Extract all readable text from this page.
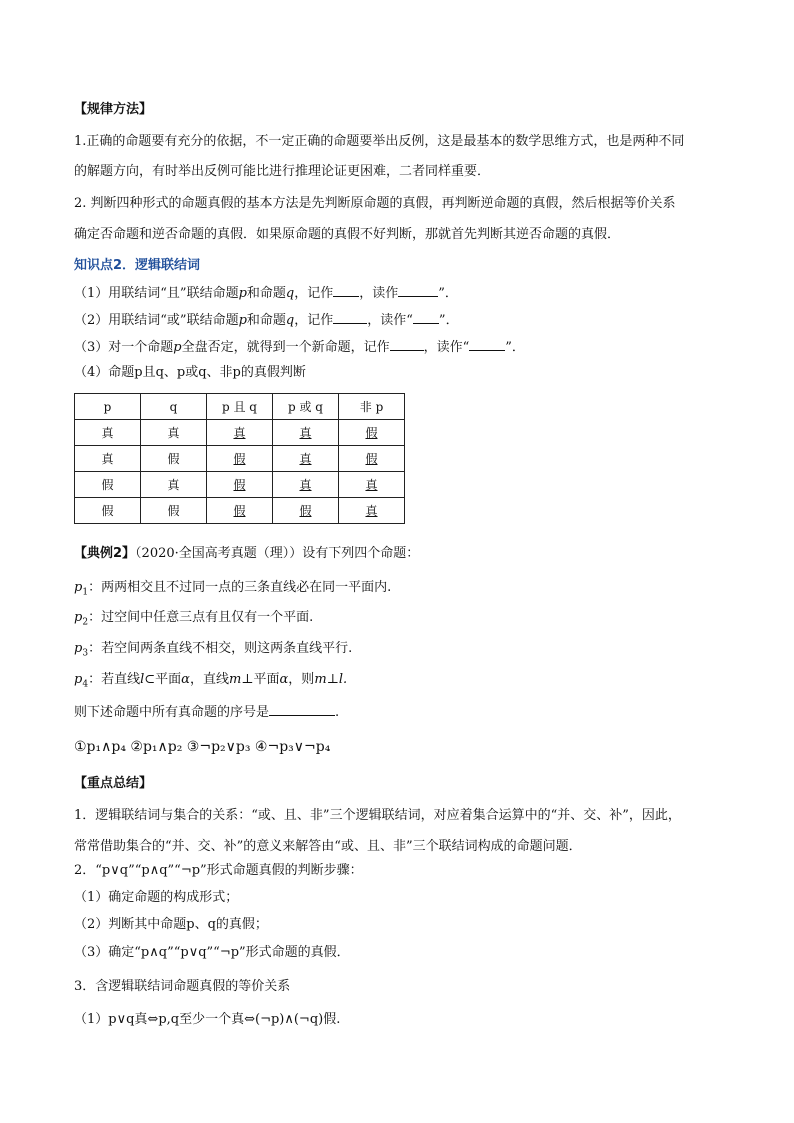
【规律方法】
1.正确的命题要有充分的依据，不一定正确的命题要举出反例，这是最基本的数学思维方式，也是两种不同
的解题方向，有时举出反例可能比进行推理论证更困难，二者同样重要．
2. 判断四种形式的命题真假的基本方法是先判断原命题的真假，再判断逆命题的真假，然后根据等价关系
确定否命题和逆否命题的真假．如果原命题的真假不好判断，那就首先判断其逆否命题的真假．
知识点2．逻辑联结词
（1）用联结词“且”联结命题p和命题q，记作 ，读作	”．
（2）用联结词“或”联结命题p和命题q，记作	，读作“ ”．
（3）对一个命题p全盘否定，就得到一个新命题，记作	，读作“	”．
（4）命题p且q、p或q、非p的真假判断
p	q	p 且 q	p 或 q	非 p
真	真	真	真	假
真	假	假	真	假
假	真	假	真	真
假	假	假	假	真
【典例2】（2020·全国高考真题（理））设有下列四个命题：
$p_1$：两两相交且不过同一点的三条直线必在同一平面内.
$p_2$：过空间中任意三点有且仅有一个平面.
$p_3$：若空间两条直线不相交，则这两条直线平行.
$p_4$：若直线l⊂平面α，直线m⊥平面α，则m⊥l.
则下述命题中所有真命题的序号是	.
①p₁∧p₄ ②p₁∧p₂ ③¬p₂∨p₃ ④¬p₃∨¬p₄
【重点总结】
1．逻辑联结词与集合的关系：“或、且、非”三个逻辑联结词，对应着集合运算中的“并、交、补”，因此，
常常借助集合的“并、交、补”的意义来解答由“或、且、非”三个联结词构成的命题问题．
2．“p∨q”“p∧q”“¬p”形式命题真假的判断步骤：
（1）确定命题的构成形式；
（2）判断其中命题p、q的真假；
（3）确定“p∧q”“p∨q”“¬p”形式命题的真假．
3．含逻辑联结词命题真假的等价关系
（1）p∨q真⇔p,q至少一个真⇔(¬p)∧(¬q)假.
